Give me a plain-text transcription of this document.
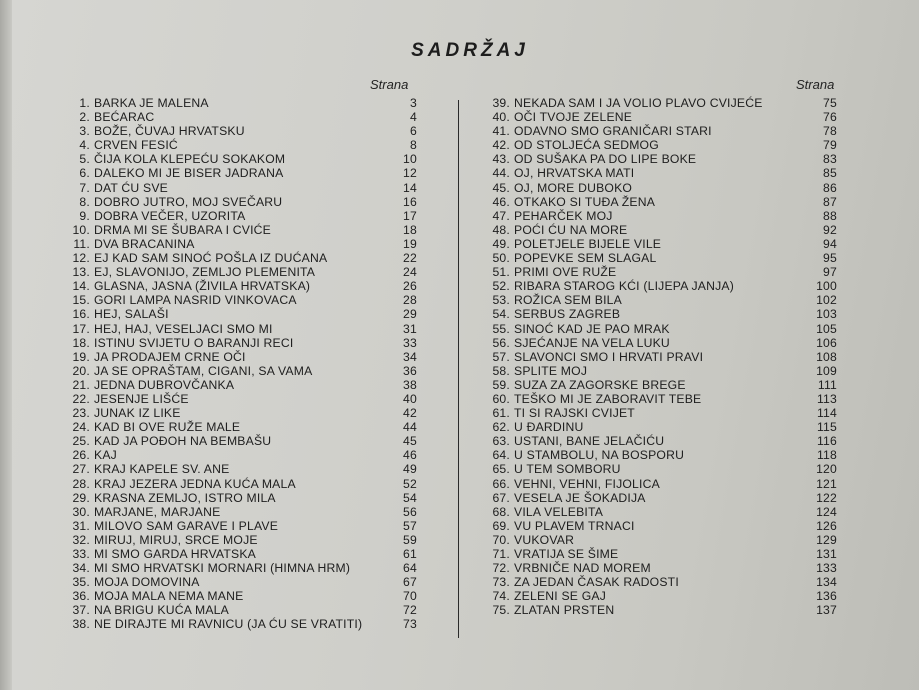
SADRŽAJ
Strana	Strana
1. BARKA JE MALENA	3
2. BEĆARAC	4
3. BOŽE, ČUVAJ HRVATSKU	6
4. CRVEN FESIĆ	8
5. ČIJA KOLA KLEPEĆU SOKAKOM	10
6. DALEKO MI JE BISER JADRANA	12
7. DAT ĆU SVE	14
8. DOBRO JUTRO, MOJ SVEČARU	16
9. DOBRA VEČER, UZORITA	17
10. DRMA MI SE ŠUBARA I CVIĆE	18
11. DVA BRACANINA	19
12. EJ KAD SAM SINOĆ POŠLA IZ DUĆANA	22
13. EJ, SLAVONIJO, ZEMLJO PLEMENITA	24
14. GLASNA, JASNA (ŽIVILA HRVATSKA)	26
15. GORI LAMPA NASRID VINKOVACA	28
16. HEJ, SALAŠI	29
17. HEJ, HAJ, VESELJACI SMO MI	31
18. ISTINU SVIJETU O BARANJI RECI	33
19. JA PRODAJEM CRNE OČI	34
20. JA SE OPRAŠTAM, CIGANI, SA VAMA	36
21. JEDNA DUBROVČANKA	38
22. JESENJE LIŠĆE	40
23. JUNAK IZ LIKE	42
24. KAD BI OVE RUŽE MALE	44
25. KAD JA POĐOH NA BEMBAŠU	45
26. KAJ	46
27. KRAJ KAPELE SV. ANE	49
28. KRAJ JEZERA JEDNA KUĆA MALA	52
29. KRASNA ZEMLJO, ISTRO MILA	54
30. MARJANE, MARJANE	56
31. MILOVO SAM GARAVE I PLAVE	57
32. MIRUJ, MIRUJ, SRCE MOJE	59
33. MI SMO GARDA HRVATSKA	61
34. MI SMO HRVATSKI MORNARI (HIMNA HRM)	64
35. MOJA DOMOVINA	67
36. MOJA MALA NEMA MANE	70
37. NA BRIGU KUĆA MALA	72
38. NE DIRAJTE MI RAVNICU (JA ĆU SE VRATITI)	73
39. NEKADA SAM I JA VOLIO PLAVO CVIJEĆE	75
40. OČI TVOJE ZELENE	76
41. ODAVNO SMO GRANIČARI STARI	78
42. OD STOLJEĆA SEDMOG	79
43. OD SUŠAKA PA DO LIPE BOKE	83
44. OJ, HRVATSKA MATI	85
45. OJ, MORE DUBOKO	86
46. OTKAKO SI TUĐA ŽENA	87
47. PEHARČEK MOJ	88
48. POĆI ĆU NA MORE	92
49. POLETJELE BIJELE VILE	94
50. POPEVKE SEM SLAGAL	95
51. PRIMI OVE RUŽE	97
52. RIBARA STAROG KĆI (LIJEPA JANJA)	100
53. ROŽICA SEM BILA	102
54. SERBUS ZAGREB	103
55. SINOĆ KAD JE PAO MRAK	105
56. SJEĆANJE NA VELA LUKU	106
57. SLAVONCI SMO I HRVATI PRAVI	108
58. SPLITE MOJ	109
59. SUZA ZA ZAGORSKE BREGE	111
60. TEŠKO MI JE ZABORAVIT TEBE	113
61. TI SI RAJSKI CVIJET	114
62. U ĐARDINU	115
63. USTANI, BANE JELAČIĆU	116
64. U STAMBOLU, NA BOSPORU	118
65. U TEM SOMBORU	120
66. VEHNI, VEHNI, FIJOLICA	121
67. VESELA JE ŠOKADIJA	122
68. VILA VELEBITA	124
69. VU PLAVEM TRNACI	126
70. VUKOVAR	129
71. VRATIJA SE ŠIME	131
72. VRBNIČE NAD MOREM	133
73. ZA JEDAN ČASAK RADOSTI	134
74. ZELENI SE GAJ	136
75. ZLATAN PRSTEN	137
